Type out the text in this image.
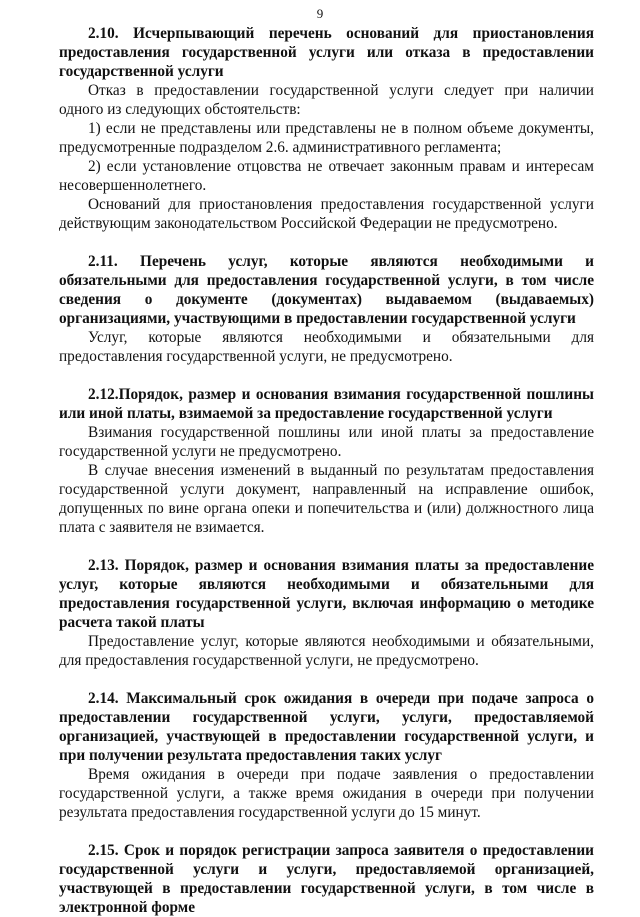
9

2.10. Исчерпывающий перечень оснований для приостановления предоставления государственной услуги или отказа в предоставлении государственной услуги

Отказ в предоставлении государственной услуги следует при наличии одного из следующих обстоятельств:

1) если не представлены или представлены не в полном объеме документы, предусмотренные подразделом 2.6. административного регламента;

2) если установление отцовства не отвечает законным правам и интересам несовершеннолетнего.

Оснований для приостановления предоставления государственной услуги действующим законодательством Российской Федерации не предусмотрено.

2.11. Перечень услуг, которые являются необходимыми и обязательными для предоставления государственной услуги, в том числе сведения о документе (документах) выдаваемом (выдаваемых) организациями, участвующими в предоставлении государственной услуги

Услуг, которые являются необходимыми и обязательными для предоставления государственной услуги, не предусмотрено.

2.12.Порядок, размер и основания взимания государственной пошлины или иной платы, взимаемой за предоставление государственной услуги

Взимания государственной пошлины или иной платы за предоставление государственной услуги не предусмотрено.

В случае внесения изменений в выданный по результатам предоставления государственной услуги документ, направленный на исправление ошибок, допущенных по вине органа опеки и попечительства и (или) должностного лица плата с заявителя не взимается.

2.13. Порядок, размер и основания взимания платы за предоставление услуг, которые являются необходимыми и обязательными для предоставления государственной услуги, включая информацию о методике расчета такой платы

Предоставление услуг, которые являются необходимыми и обязательными, для предоставления государственной услуги, не предусмотрено.

2.14. Максимальный срок ожидания в очереди при подаче запроса о предоставлении государственной услуги, услуги, предоставляемой организацией, участвующей в предоставлении государственной услуги, и при получении результата предоставления таких услуг

Время ожидания в очереди при подаче заявления о предоставлении государственной услуги, а также время ожидания в очереди при получении результата предоставления государственной услуги до 15 минут.

2.15. Срок и порядок регистрации запроса заявителя о предоставлении государственной услуги и услуги, предоставляемой организацией, участвующей в предоставлении государственной услуги, в том числе в электронной форме
